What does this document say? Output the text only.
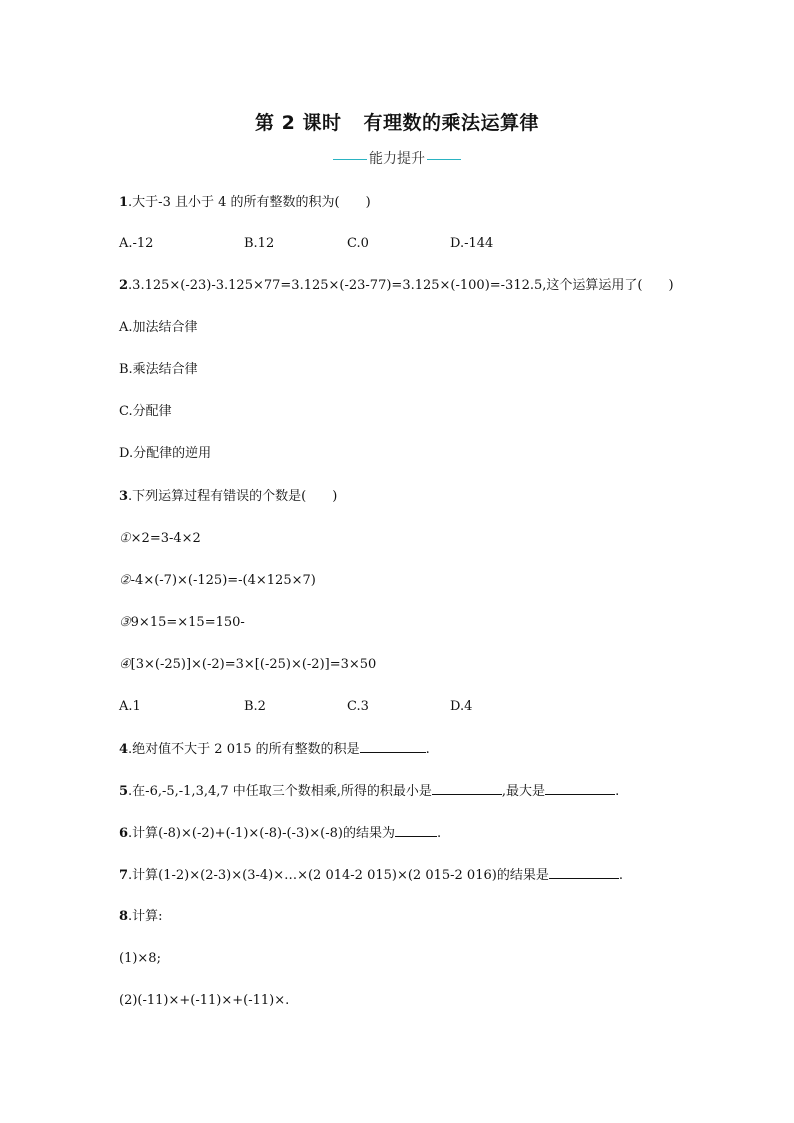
第 2 课时 有理数的乘法运算律
能力提升
1.大于-3 且小于 4 的所有整数的积为(　　)
A.-12	B.12	C.0	D.-144
2.3.125×(-23)-3.125×77=3.125×(-23-77)=3.125×(-100)=-312.5,这个运算运用了(　　)
A.加法结合律
B.乘法结合律
C.分配律
D.分配律的逆用
3.下列运算过程有错误的个数是(　　)
①×2=3-4×2
②-4×(-7)×(-125)=-(4×125×7)
③9×15=×15=150-
④[3×(-25)]×(-2)=3×[(-25)×(-2)]=3×50
A.1	B.2	C.3	D.4
4.绝对值不大于 2 015 的所有整数的积是	.
5.在-6,-5,-1,3,4,7 中任取三个数相乘,所得的积最小是	,最大是	.
6.计算(-8)×(-2)+(-1)×(-8)-(-3)×(-8)的结果为	.
7.计算(1-2)×(2-3)×(3-4)×…×(2 014-2 015)×(2 015-2 016)的结果是	.
8.计算:
(1)×8;
(2)(-11)×+(-11)×+(-11)×.
